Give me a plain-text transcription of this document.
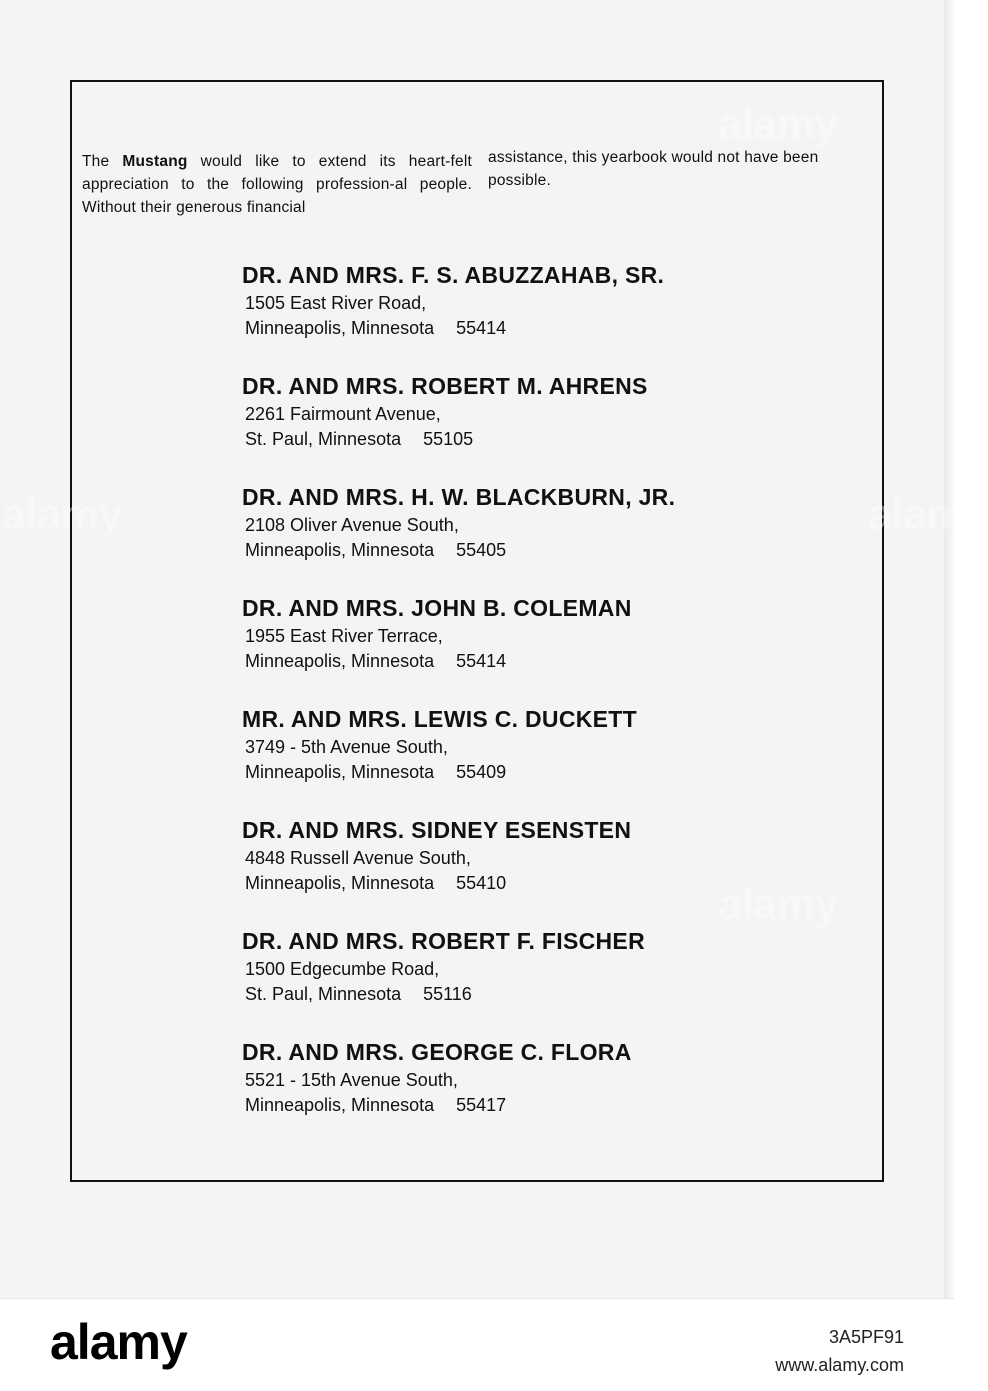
The Mustang would like to extend its heart-felt appreciation to the following profession-al people. Without their generous financial
assistance, this yearbook would not have been possible.
DR. AND MRS. F. S. ABUZZAHAB, SR.
1505 East River Road,
Minneapolis, Minnesota 55414
DR. AND MRS. ROBERT M. AHRENS
2261 Fairmount Avenue,
St. Paul, Minnesota 55105
DR. AND MRS. H. W. BLACKBURN, JR.
2108 Oliver Avenue South,
Minneapolis, Minnesota 55405
DR. AND MRS. JOHN B. COLEMAN
1955 East River Terrace,
Minneapolis, Minnesota 55414
MR. AND MRS. LEWIS C. DUCKETT
3749 - 5th Avenue South,
Minneapolis, Minnesota 55409
DR. AND MRS. SIDNEY ESENSTEN
4848 Russell Avenue South,
Minneapolis, Minnesota 55410
DR. AND MRS. ROBERT F. FISCHER
1500 Edgecumbe Road,
St. Paul, Minnesota 55116
DR. AND MRS. GEORGE C. FLORA
5521 - 15th Avenue South,
Minneapolis, Minnesota 55417
alamy
alamy	alamy
alamy
alamy	3A5PF91
www.alamy.com
